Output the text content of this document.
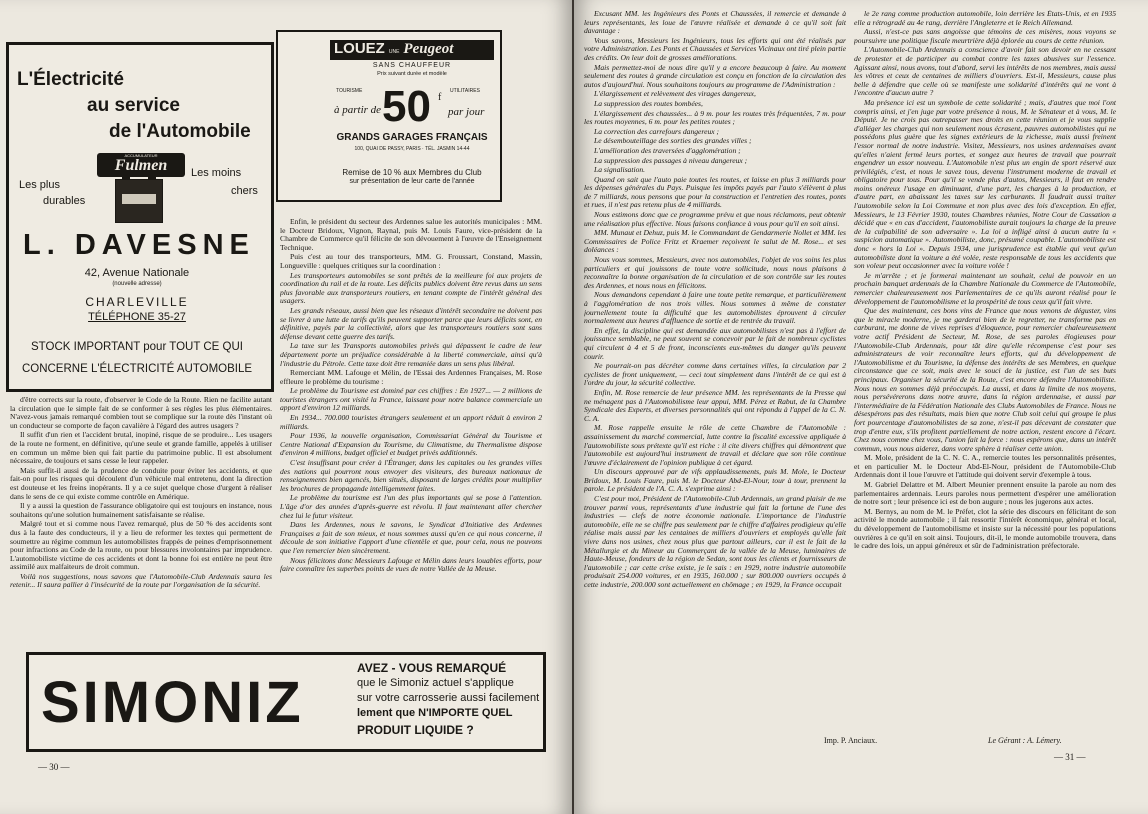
L'Électricité
au service
de l'Automobile
ACCUMULATEUR
Fulmen
Les plus
durables
Les moins
chers
L. DAVESNE
42, Avenue Nationale
(nouvelle adresse)
CHARLEVILLE
TÉLÉPHONE 35-27
STOCK IMPORTANT pour TOUT CE QUI
CONCERNE L'ÉLECTRICITÉ AUTOMOBILE
LOUEZ UNE Peugeot
SANS CHAUFFEUR
Prix suivant durée et modèle
TOURISME	UTILITAIRES
à partir de 50 f
par jour
GRANDS GARAGES FRANÇAIS
100, QUAI DE PASSY, PARIS · TÉL. JASMIN 14-44
Remise de 10 % aux Membres du Club
sur présentation de leur carte de l'année

d'être corrects sur la route, d'observer le Code de la Route. Rien ne facilite autant la circulation que le simple fait de se conformer à ses règles les plus élémentaires. N'avez-vous jamais remarqué combien tout se complique sur la route dès l'instant où un conducteur se comporte de façon cavalière à l'égard des autres usagers ?

Il suffit d'un rien et l'accident brutal, inopiné, risque de se produire... Les usagers de la route ne forment, en définitive, qu'une seule et grande famille, appelés à utiliser en commun un même bien qui fait partie du patrimoine public. Il est absolument nécessaire, de toujours et sans cesse le leur rappeler.

Mais suffit-il aussi de la prudence de conduite pour éviter les accidents, et que fait-on pour les risques qui découlent d'un véhicule mal entretenu, dont la direction est douteuse et les freins inopérants. Il y a ce sujet quelque chose d'urgent à réaliser dans le sens de ce qui existe comme contrôle en Amérique.

Il y a aussi la question de l'assurance obligatoire qui est toujours en instance, nous souhaitons qu'une solution humainement satisfaisante se réalise.

Malgré tout et si comme nous l'avez remarqué, plus de 50 % des accidents sont dus à la faute des conducteurs, il y a lieu de reformer les textes qui permettent de soumettre au régime commun les automobilistes frappés de peines d'emprisonnement pour infractions au Code de la route, ou pour blessures involontaires par imprudence. L'automobiliste victime de ces accidents et dont la bonne foi est entière ne peut être assimilé aux malfaiteurs de droit commun.

Voilà nos suggestions, nous savons que l'Automobile-Club Ardennais saura les retenir... Il saura pallier à l'insécurité de la route par l'organisation de la sécurité.

Enfin, le président du secteur des Ardennes salue les autorités municipales : MM. le Docteur Bridoux, Vignon, Raynal, puis M. Louis Faure, vice-président de la Chambre de Commerce qu'il félicite de son dévouement à l'œuvre de l'Enseignement Technique.

Puis c'est au tour des transporteurs, MM. G. Froussart, Constand, Massin, Longueville : quelques critiques sur la coordination :

Les transporteurs automobiles se sont prêtés de la meilleure foi aux projets de coordination du rail et de la route. Les déficits publics doivent être revus dans un sens plus favorable aux transporteurs routiers, en tenant compte de l'intérêt général des usagers.

Les grands réseaux, aussi bien que les réseaux d'intérêt secondaire ne doivent pas se livrer à une lutte de tarifs qu'ils peuvent supporter parce que leurs déficits sont, en définitive, payés par la collectivité, alors que les transporteurs routiers sont sans défense devant cette guerre des tarifs.

La taxe sur les Transports automobiles privés qui dépassent le cadre de leur département porte un préjudice considérable à la liberté commerciale, ainsi qu'à l'industrie du Pétrole. Cette taxe doit être remaniée dans un sens plus libéral.

Remerciant MM. Lafouge et Mélin, de l'Essai des Ardennes Françaises, M. Rose effleure le problème du tourisme :

Le problème du Tourisme est dominé par ces chiffres : En 1927... — 2 millions de touristes étrangers ont visité la France, laissant pour notre balance commerciale un apport d'environ 12 milliards.

En 1934... 700.000 touristes étrangers seulement et un apport réduit à environ 2 milliards.

Pour 1936, la nouvelle organisation, Commissariat Général du Tourisme et Centre National d'Expansion du Tourisme, du Climatisme, du Thermalisme dispose d'environ 4 millions, budget officiel et budget privés additionnés.

C'est insuffisant pour créer à l'Étranger, dans les capitales ou les grandes villes des nations qui pourront nous envoyer des visiteurs, des bureaux nationaux de renseignements bien agencés, bien situés, disposant de larges crédits pour multiplier les brochures de propagande intelligemment faites.

Le problème du tourisme est l'un des plus importants qui se pose à l'attention. L'âge d'or des années d'après-guerre est révolu. Il faut maintenant aller chercher chez lui le futur visiteur.

Dans les Ardennes, nous le savons, le Syndicat d'Initiative des Ardennes Françaises a fait de son mieux, et nous sommes aussi qu'en ce qui nous concerne, il découle de son initiative l'apport d'une clientèle et que, pour cela, nous ne pouvons que l'en remercier bien sincèrement.

Nous félicitons donc Messieurs Lafouge et Mélin dans leurs louables efforts, pour faire connaître les superbes points de vues de notre Vallée de la Meuse.

SIMONIZ
AVEZ - VOUS REMARQUÉ
que le Simoniz actuel s'applique
sur votre carrosserie aussi facilement
lement que N'IMPORTE QUEL
PRODUIT LIQUIDE ?
— 30 —

Excusant MM. les Ingénieurs des Ponts et Chaussées, il remercie et demande à leurs représentants, les loue de l'œuvre réalisée et demande à ce qu'il soit fait davantage :

Vous savons, Messieurs les Ingénieurs, tous les efforts qui ont été réalisés par votre Administration. Les Ponts et Chaussées et Services Vicinaux ont tiré plein partie des crédits. On leur doit de grosses améliorations.

Mais permettez-moi de nous dire qu'il y a encore beaucoup à faire. Au moment seulement des routes à grande circulation est conçu en fonction de la circulation des autos d'aujourd'hui. Nous souhaitons toujours au programme de l'Administration :

L'élargissement et relèvement des virages dangereux,

La suppression des routes bombées,

L'élargissement des chaussées... à 9 m. pour les routes très fréquentées, 7 m. pour les routes moyennes, 6 m. pour les petites routes ;

La correction des carrefours dangereux ;

Le désembouteillage des sorties des grandes villes ;

L'amélioration des traversées d'agglomération ;

La suppression des passages à niveau dangereux ;

La signalisation.

Quand on sait que l'auto paie toutes les routes, et laisse en plus 3 milliards pour les dépenses générales du Pays. Puisque les impôts payés par l'auto s'élèvent à plus de 7 milliards, nous pensons que pour la construction et l'entretien des routes, ponts et rues, il n'est pas retenu plus de 4 milliards.

Nous estimons donc que ce programme prévu et que nous réclamons, peut obtenir une réalisation plus effective. Nous faisons confiance à vous pour qu'il en soit ainsi.

MM. Munaut et Dehuz, puis M. le Commandant de Gendarmerie Nollet et MM. les Commissaires de Police Fritz et Kraemer reçoivent le salut de M. Rose... et ses doléances :

Nous vous sommes, Messieurs, avec nos automobiles, l'objet de vos soins les plus particuliers et qui jouissons de toute votre sollicitude, nous nous plaisons à reconnaître la bonne organisation de la circulation et de son contrôle sur les routes des Ardennes, et nous nous en félicitons.

Nous demandons cependant à faire une toute petite remarque, et particulièrement à l'agglomération de nos trois villes. Nous sommes à même de constater journellement toute la difficulté que les automobilistes éprouvent à circuler normalement aux heures d'affluence de sortie et de rentrée du travail.

En effet, la discipline qui est demandée aux automobilistes n'est pas à l'effort de jouissance semblable, ne peut souvent se concevoir par le fait de nombreux cyclistes qui circulent à 4 et 5 de front, inconscients eux-mêmes du danger qu'ils peuvent courir.

Ne pourrait-on pas décréter comme dans certaines villes, la circulation par 2 cyclistes de front uniquement, — ceci tout simplement dans l'intérêt de ce qui est à l'ordre du jour, la sécurité collective.

Enfin, M. Rose remercie de leur présence MM. les représentants de la Presse qui ne ménagent pas à l'Automobilisme leur appui, MM. Pérez et Rabut, de la Chambre Syndicale des Experts, et diverses personnalités qui ont répondu à l'appel de la C. N. C. A.

M. Rose rappelle ensuite le rôle de cette Chambre de l'Automobile : assainissement du marché commercial, lutte contre la fiscalité excessive appliquée à l'automobiliste sous prétexte qu'il est riche : il cite divers chiffres qui démontrent que l'automobile est aujourd'hui instrument de travail et déclare que son rôle continue l'œuvre d'éclairement de l'opinion publique à cet égard.

Un discours approuvé par de vifs applaudissements, puis M. Mole, le Docteur Bridoux, M. Louis Faure, puis M. le Docteur Abd-El-Nour, tour à tour, prennent la parole. Le président de l'A. C. A. s'exprime ainsi :

C'est pour moi, Président de l'Automobile-Club Ardennais, un grand plaisir de me trouver parmi vous, représentants d'une industrie qui fait la fortune de l'une des industries — clefs de notre économie nationale. L'importance de l'industrie automobile, elle ne se chiffre pas seulement par le chiffre d'affaires prodigieux qu'elle réalise mais aussi par les centaines de milliers d'ouvriers et employés qu'elle fait vivre dans nos usines, chez nous plus que partout ailleurs, car il est le fait de la Métallurgie et du Mineur au Commerçant de la vallée de la Meuse, luminaires de Haute-Meuse, fondeurs de la région de Sedan, sont tous les clients et fournisseurs de l'automobile ; car cette crise existe, je le sais : en 1929, notre industrie automobile produisait 254.000 voitures, et en 1935, 160.000 ; sur 800.000 ouvriers occupés à cette industrie, 200.000 sont actuellement en chômage ; en 1929, la France occupait

le 2e rang comme production automobile, loin derrière les États-Unis, et en 1935 elle a rétrogradé au 4e rang, derrière l'Angleterre et le Reich Allemand.

Aussi, n'est-ce pas sans angoisse que témoins de ces misères, nous voyons se poursuivre une politique fiscale meurtrière déjà éplorée au cours de cette réunion.

L'Automobile-Club Ardennais a conscience d'avoir fait son devoir en ne cessant de protester et de participer au combat contre les taxes abusives sur l'essence. Agissant ainsi, nous avons, tout d'abord, servi les intérêts de nos membres, mais aussi les vôtres et ceux de centaines de milliers d'ouvriers. Est-il, Messieurs, cause plus belle à défendre que celle où se manifeste une solidarité d'intérêts qui ne vont à l'encontre d'aucun autre ?

Ma présence ici est un symbole de cette solidarité ; mais, d'autres que moi l'ont compris ainsi, et j'en juge par votre présence à nous, M. le Sénateur et à vous, M. le Député. Je ne crois pas outrepasser mes droits en cette réunion et je vous supplie d'alléger les charges qui non seulement nous écrasent, pauvres automobilistes qui ne possédons plus guère que les signes extérieurs de la richesse, mais aussi freinent l'essor normal de notre industrie. Visitez, Messieurs, nos usines ardennaises avant qu'elles n'aient fermé leurs portes, et songez aux heures de travail que pourrait engendrer un essor nouveau. L'Automobile n'est plus un engin de sport réservé aux privilégiés, c'est, et nous le savez tous, devenu l'instrument moderne de travail et obligatoire pour tous. Pour qu'il se vende plus d'autos, Messieurs, il faut en rendre moins onéreux l'usage en diminuant, d'une part, les charges à la production, et d'autre part, en abaissant les taxes sur les carburants. Il faudrait aussi traiter l'automobile selon la Loi Commune et non plus avec des lois d'exception. En effet, Messieurs, le 13 Février 1930, toutes Chambres réunies, Notre Cour de Cassation a décidé que « en cas d'accident, l'automobiliste aurait toujours la charge de la preuve de la culpabilité de son adversaire ». La loi a infligé ainsi à aucun autre la « suspicion automatique ». Automobiliste, donc, présumé coupable. L'automobiliste est donc « hors la Loi ». Depuis 1934, une jurisprudence est établie qui veut qu'un automobiliste dont la voiture a été volée, reste responsable de tous les accidents que son voleur peut occasionner avec la voiture volée !

Je m'arrête ; et je formerai maintenant un souhait, celui de pouvoir en un prochain banquet ardennais de la Chambre Nationale du Commerce de l'Automobile, remercier chaleureusement nos Parlementaires de ce qu'ils auront réalisé pour le développement de l'automobilisme et la prospérité de tous ceux qu'il fait vivre.

Que des maintenant, ces bons vins de France que nous venons de déguster, vins que le miracle moderne, je me garderai bien de le regretter, ne transforme pas en carburant, me donne de vives reprises d'éloquence, pour remercier chaleureusement votre actif Président de Secteur, M. Rose, de ses paroles élogieuses pour l'Automobile-Club Ardennais, pour tât dire qu'elle récompense c'est pour ses administrateurs de voir reconnaître leurs efforts, qui du développement de l'Automobilisme et du Tourisme, la défense des intérêts de ses Membres, en quelque circonstance que ce soit, mais avec le souci de la justice, est l'un de ses buts principaux. Organiser la sécurité de la Route, c'est encore défendre l'Automobiliste. Nous nous en sommes déjà préoccupés. La aussi, et dans la limite de nos moyens, nous persévérerons dans notre œuvre, dans la région ardennaise, et aussi par l'intermédiaire de la Fédération Nationale des Clubs Automobiles de France. Nous ne désespérons pas des résultats, mais bien que notre Club soit celui qui groupe le plus fort pourcentage d'automobilistes de sa zone, n'est-il pas décevant de constater que trop d'entre eux, s'ils profitent partiellement de notre action, restent encore à l'écart. Chez nous comme chez vous, l'union fait la force : nous espérons que, dans un intérêt commun, vous nous aiderez, dans votre sphère à réaliser cette union.

M. Mole, président de la C. N. C. A., remercie toutes les personnalités présentes, et en particulier M. le Docteur Abd-El-Nour, président de l'Automobile-Club Ardennais dont il loue l'œuvre et l'attitude qui doivent servir d'exemple à tous.

M. Gabriel Delattre et M. Albert Meunier prennent ensuite la parole au nom des parlementaires ardennais. Leurs paroles nous permettent d'espérer une amélioration de notre sort ; leur présence ici est de bon augure ; nous les jugerons aux actes.

M. Bernys, au nom de M. le Préfet, clot la série des discours en félicitant de son activité le monde automobile ; il fait ressortir l'intérêt économique, général et local, du développement de l'automobilisme et insiste sur la nécessité pour les populations ouvrières à ce qu'il en soit ainsi. Toujours, dit-il, le monde automobile trouvera, dans le cadre des lois, un appui généreux et sûr de l'administration préfectorale.

Imp. P. Anciaux.	Le Gérant : A. Lémery.
— 31 —
